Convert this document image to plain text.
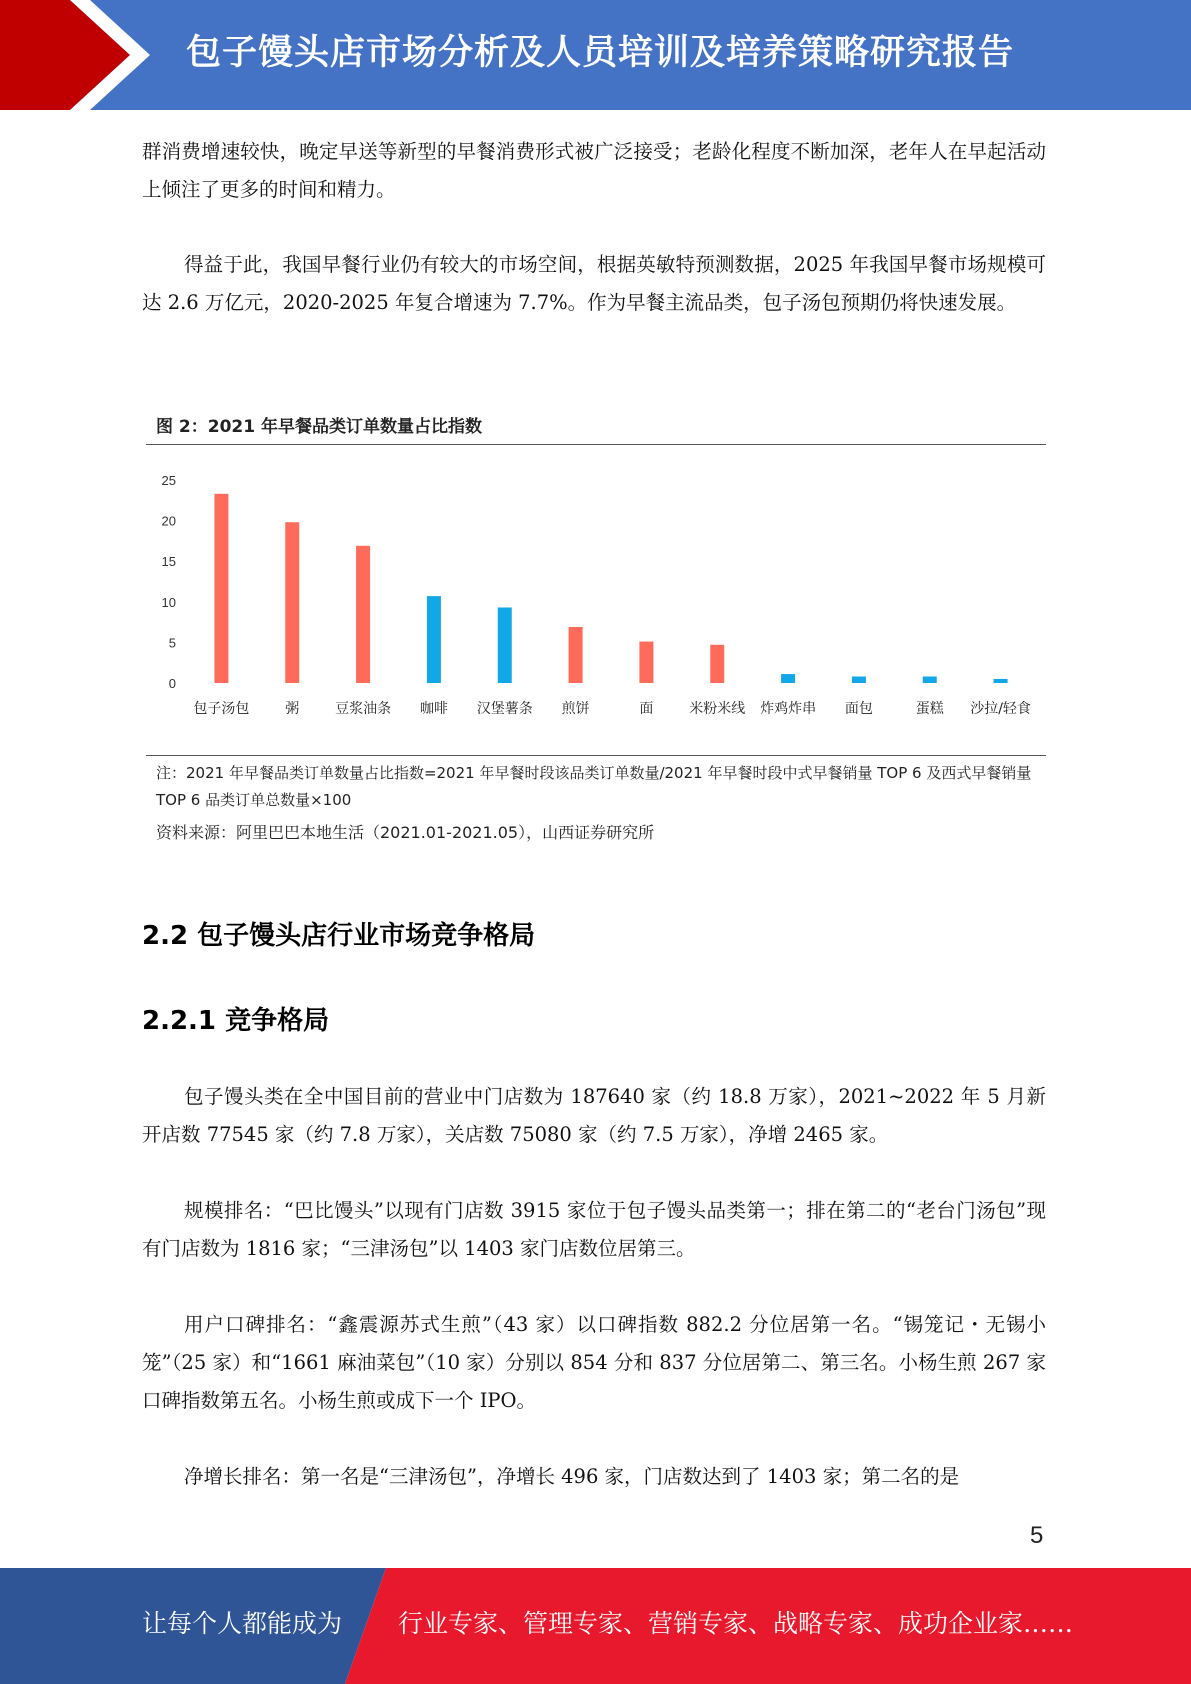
包子馒头店市场分析及人员培训及培养策略研究报告

群消费增速较快，晚定早送等新型的早餐消费形式被广泛接受；老龄化程度不断加深，老年人在早起活动上倾注了更多的时间和精力。

得益于此，我国早餐行业仍有较大的市场空间，根据英敏特预测数据，2025 年我国早餐市场规模可达 2.6 万亿元，2020-2025 年复合增速为 7.7%。作为早餐主流品类，包子汤包预期仍将快速发展。

图 2：2021 年早餐品类订单数量占比指数
0
5
10
15
20
25
包子汤包	粥	豆浆油条 咖啡 汉堡薯条 煎饼	面	米粉米线 炸鸡炸串 面包	蛋糕 沙拉/轻食
注：2021 年早餐品类订单数量占比指数=2021 年早餐时段该品类订单数量/2021 年早餐时段中式早餐销量 TOP 6 及西式早餐销量 TOP 6 品类订单总数量×100
资料来源：阿里巴巴本地生活（2021.01-2021.05），山西证券研究所
2.2 包子馒头店行业市场竞争格局
2.2.1 竞争格局

包子馒头类在全中国目前的营业中门店数为 187640 家（约 18.8 万家），2021~2022 年 5 月新开店数 77545 家（约 7.8 万家），关店数 75080 家（约 7.5 万家），净增 2465 家。

规模排名：“巴比馒头”以现有门店数 3915 家位于包子馒头品类第一；排在第二的“老台门汤包”现有门店数为 1816 家；“三津汤包”以 1403 家门店数位居第三。

用户口碑排名：“鑫震源苏式生煎”（43 家）以口碑指数 882.2 分位居第一名。“锡笼记・无锡小笼”（25 家）和“1661 麻油菜包”（10 家）分别以 854 分和 837 分位居第二、第三名。小杨生煎 267 家口碑指数第五名。小杨生煎或成下一个 IPO。

净增长排名：第一名是“三津汤包”，净增长 496 家，门店数达到了 1403 家；第二名的是

5
让每个人都能成为 行业专家、管理专家、营销专家、战略专家、成功企业家……
